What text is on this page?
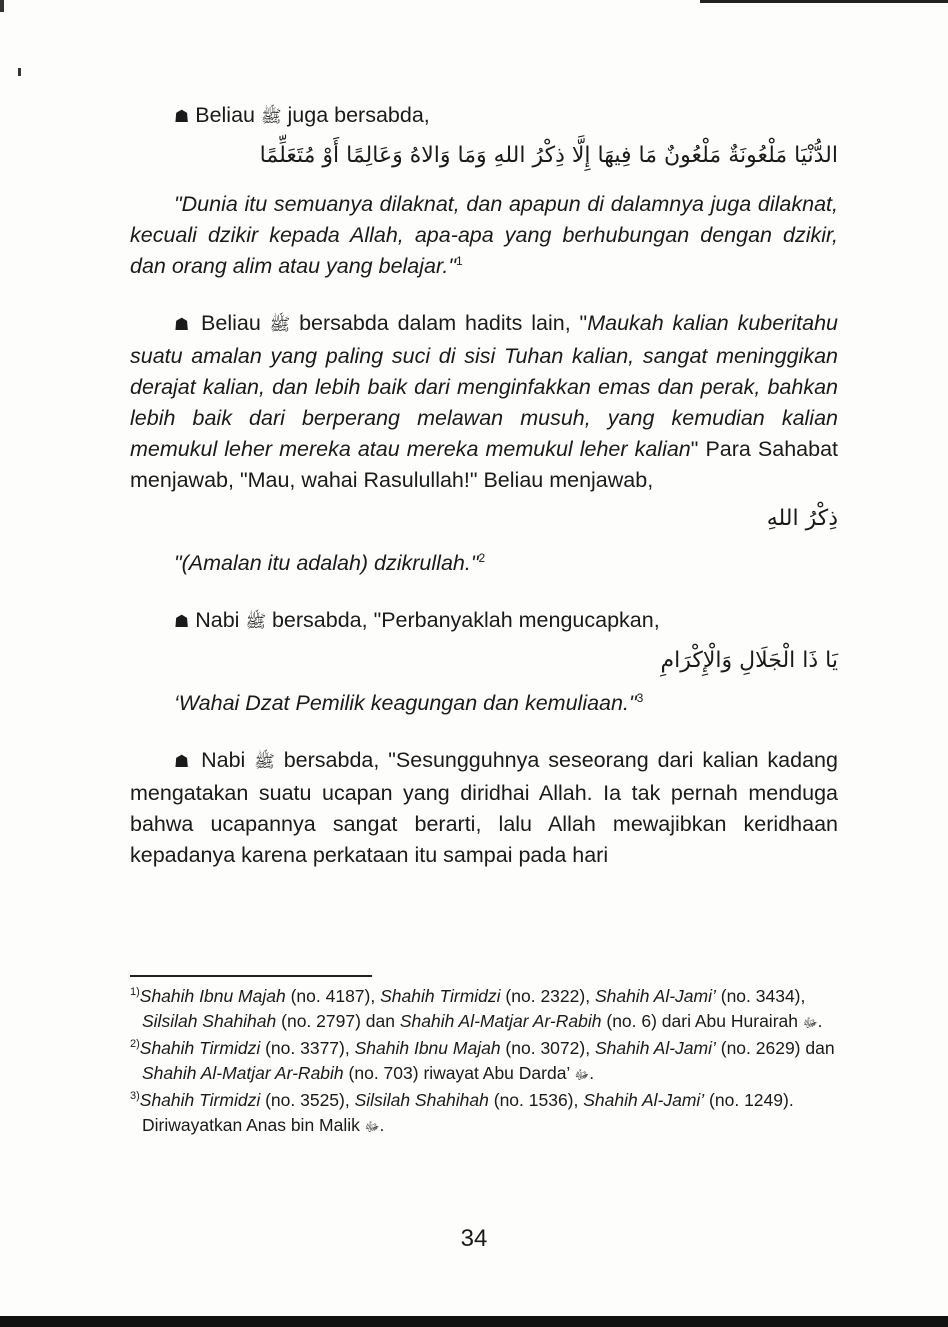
☗ Beliau ﷺ juga bersabda,

الدُّنْيَا مَلْعُونَةٌ مَلْعُونٌ مَا فِيهَا إِلَّا ذِكْرُ اللهِ وَمَا وَالاهُ وَعَالِمًا أَوْ مُتَعَلِّمًا

"Dunia itu semuanya dilaknat, dan apapun di dalamnya juga dilaknat, kecuali dzikir kepada Allah, apa-apa yang berhubungan dengan dzikir, dan orang alim atau yang belajar."$^1$

☗ Beliau ﷺ bersabda dalam hadits lain, "Maukah kalian kuberitahu suatu amalan yang paling suci di sisi Tuhan kalian, sangat meninggikan derajat kalian, dan lebih baik dari menginfakkan emas dan perak, bahkan lebih baik dari berperang melawan musuh, yang kemudian kalian memukul leher mereka atau mereka memukul leher kalian" Para Sahabat menjawab, "Mau, wahai Rasulullah!" Beliau menjawab,

ذِكْرُ اللهِ

"(Amalan itu adalah) dzikrullah."$^2$

☗ Nabi ﷺ bersabda, "Perbanyaklah mengucapkan,

يَا ذَا الْجَلَالِ وَالْإِكْرَامِ

‘Wahai Dzat Pemilik keagungan dan kemuliaan."$^3$

☗ Nabi ﷺ bersabda, "Sesungguhnya seseorang dari kalian kadang mengatakan suatu ucapan yang diridhai Allah. Ia tak pernah menduga bahwa ucapannya sangat berarti, lalu Allah mewajibkan keridhaan kepadanya karena perkataan itu sampai pada hari

$^{1)}$Shahih Ibnu Majah (no. 4187), Shahih Tirmidzi (no. 2322), Shahih Al-Jami’ (no. 3434), Silsilah Shahihah (no. 2797) dan Shahih Al-Matjar Ar-Rabih (no. 6) dari Abu Hurairah ﷻ.

$^{2)}$Shahih Tirmidzi (no. 3377), Shahih Ibnu Majah (no. 3072), Shahih Al-Jami’ (no. 2629) dan Shahih Al-Matjar Ar-Rabih (no. 703) riwayat Abu Darda’ ﷻ.

$^{3)}$Shahih Tirmidzi (no. 3525), Silsilah Shahihah (no. 1536), Shahih Al-Jami’ (no. 1249). Diriwayatkan Anas bin Malik ﷻ.

34
